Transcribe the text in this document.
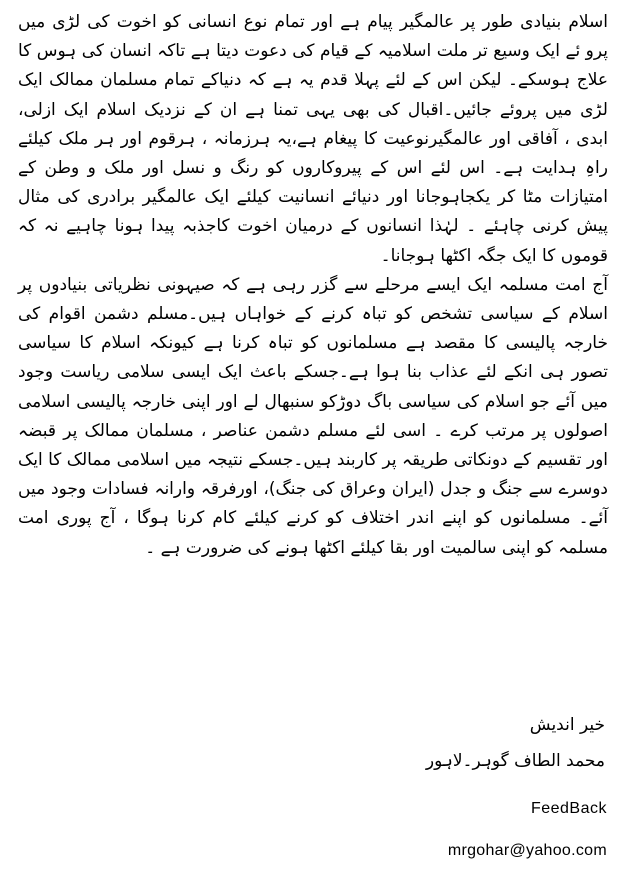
اسلام بنیادی طور پر عالمگیر پیام ہے اور تمام نوع انسانی کو اخوت کی لڑی میں پرو ئے ایک وسیع تر ملت اسلامیہ کے قیام کی دعوت دیتا ہے تاکہ انسان کی ہوس کا علاج ہوسکے۔ لیکن اس کے لئے پہلا قدم یہ ہے کہ دنیاکے تمام مسلمان ممالک ایک لڑی میں پروئے جائیں۔اقبال کی بھی یہی تمنا ہے ان کے نزدیک اسلام ایک ازلی، ابدی ، آفاقی اور عالمگیرنوعیت کا پیغام ہے،یہ ہرزمانہ ، ہرقوم اور ہر ملک کیلئے راہِ ہدایت ہے۔ اس لئے اس کے پیروکاروں کو رنگ و نسل اور ملک و وطن کے امتیازات مٹا کر یکجاہوجانا اور دنیائے انسانیت کیلئے ایک عالمگیر برادری کی مثال پیش کرنی چاہئے ۔ لہٰذا انسانوں کے درمیان اخوت کاجذبہ پیدا ہونا چاہیے نہ کہ قوموں کا ایک جگہ اکٹھا ہوجانا۔

آج امت مسلمہ ایک ایسے مرحلے سے گزر رہی ہے کہ صیہونی نظریاتی بنیادوں پر اسلام کے سیاسی تشخص کو تباہ کرنے کے خواہاں ہیں۔مسلم دشمن اقوام کی خارجہ پالیسی کا مقصد ہے مسلمانوں کو تباہ کرنا ہے کیونکہ اسلام کا سیاسی تصور ہی انکے لئے عذاب بنا ہوا ہے۔جسکے باعث ایک ایسی سلامی ریاست وجود میں آئے جو اسلام کی سیاسی باگ دوڑکو سنبھال لے اور اپنی خارجہ پالیسی اسلامی اصولوں پر مرتب کرے ۔ اسی لئے مسلم دشمن عناصر ، مسلمان ممالک پر قبضہ اور تقسیم کے دونکاتی طریقہ پر کاربند ہیں۔جسکے نتیجہ میں اسلامی ممالک کا ایک دوسرے سے جنگ و جدل (ایران وعراق کی جنگ)، اورفرقہ وارانہ فسادات وجود میں آئے۔ مسلمانوں کو اپنے اندر اختلاف کو کرنے کیلئے کام کرنا ہوگا ، آج پوری امت مسلمہ کو اپنی سالمیت اور بقا کیلئے اکٹھا ہونے کی ضرورت ہے ۔

خیر اندیش

محمد الطاف گوہر۔لاہور

FeedBack

mrgohar@yahoo.com
